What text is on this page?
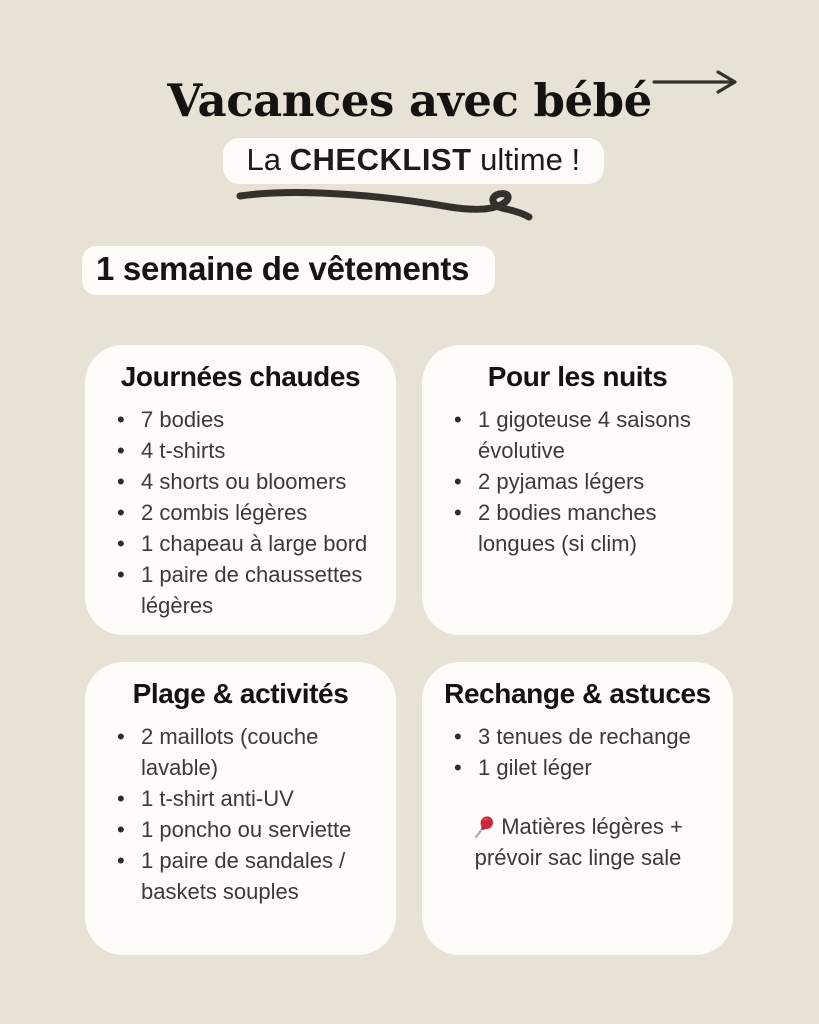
Vacances avec bébé
La CHECKLIST ultime !
1 semaine de vêtements
Journées chaudes
• 7 bodies
• 4 t-shirts
• 4 shorts ou bloomers
• 2 combis légères
• 1 chapeau à large bord
• 1 paire de chaussettes légères
Pour les nuits
• 1 gigoteuse 4 saisons évolutive
• 2 pyjamas légers
• 2 bodies manches longues (si clim)
Plage & activités
• 2 maillots (couche lavable)
• 1 t-shirt anti-UV
• 1 poncho ou serviette
• 1 paire de sandales / baskets souples
Rechange & astuces
• 3 tenues de rechange
• 1 gilet léger
Matières légères + prévoir sac linge sale
